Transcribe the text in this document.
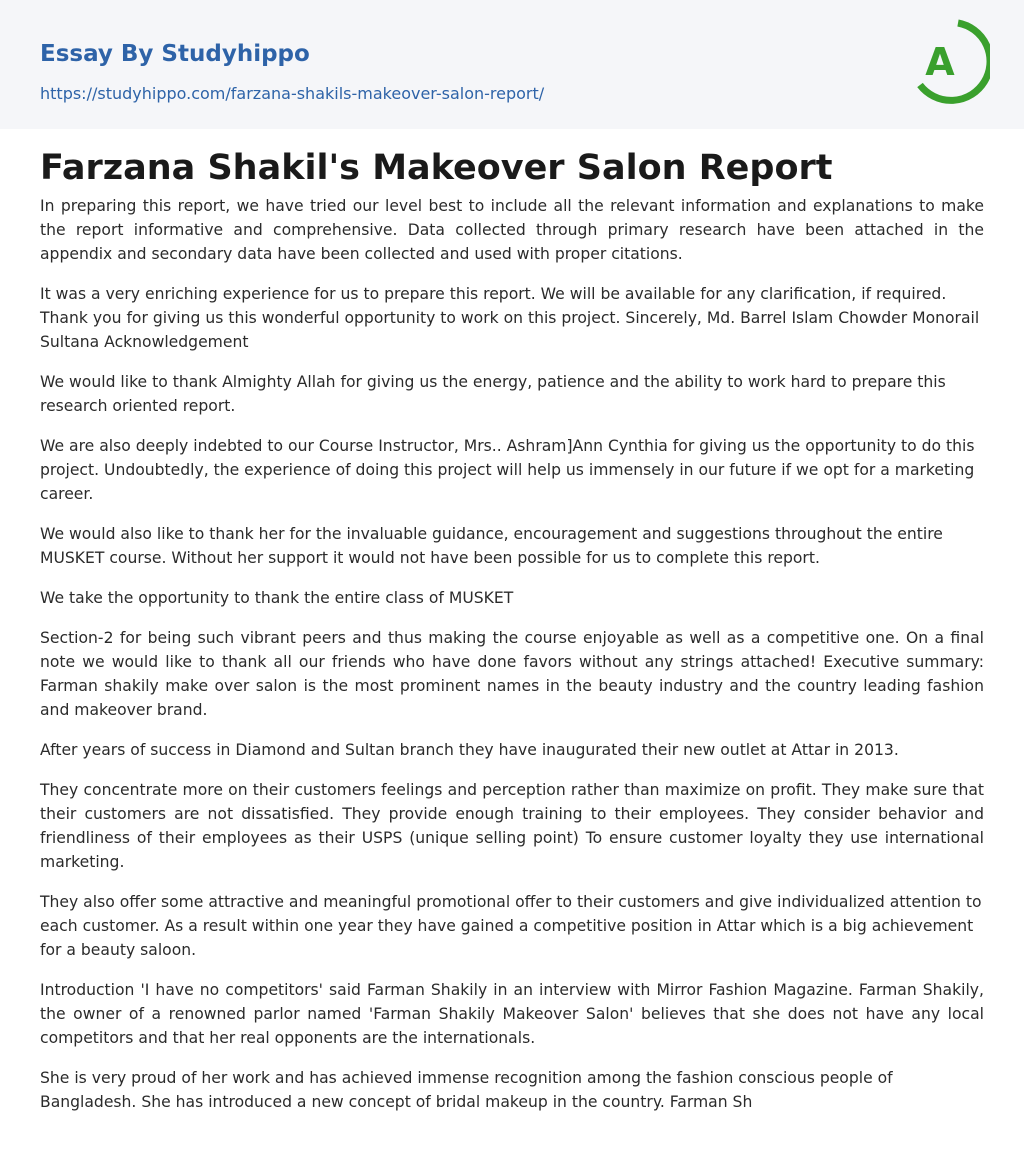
Essay By Studyhippo
https://studyhippo.com/farzana-shakils-makeover-salon-report/
A
Farzana Shakil's Makeover Salon Report

In preparing this report, we have tried our level best to include all the relevant information and explanations to make the report informative and comprehensive. Data collected through primary research have been attached in the appendix and secondary data have been collected and used with proper citations.

It was a very enriching experience for us to prepare this report. We will be available for any clarification, if required. Thank you for giving us this wonderful opportunity to work on this project. Sincerely, Md. Barrel Islam Chowder Monorail Sultana Acknowledgement

We would like to thank Almighty Allah for giving us the energy, patience and the ability to work hard to prepare this research oriented report.

We are also deeply indebted to our Course Instructor, Mrs.. Ashram]Ann Cynthia for giving us the opportunity to do this project. Undoubtedly, the experience of doing this project will help us immensely in our future if we opt for a marketing career.

We would also like to thank her for the invaluable guidance, encouragement and suggestions throughout the entire MUSKET course. Without her support it would not have been possible for us to complete this report.

We take the opportunity to thank the entire class of MUSKET

Section-2 for being such vibrant peers and thus making the course enjoyable as well as a competitive one. On a final note we would like to thank all our friends who have done favors without any strings attached! Executive summary: Farman shakily make over salon is the most prominent names in the beauty industry and the country leading fashion and makeover brand.

After years of success in Diamond and Sultan branch they have inaugurated their new outlet at Attar in 2013.

They concentrate more on their customers feelings and perception rather than maximize on profit. They make sure that their customers are not dissatisfied. They provide enough training to their employees. They consider behavior and friendliness of their employees as their USPS (unique selling point) To ensure customer loyalty they use international marketing.

They also offer some attractive and meaningful promotional offer to their customers and give individualized attention to each customer. As a result within one year they have gained a competitive position in Attar which is a big achievement for a beauty saloon.

Introduction 'I have no competitors' said Farman Shakily in an interview with Mirror Fashion Magazine. Farman Shakily, the owner of a renowned parlor named 'Farman Shakily Makeover Salon' believes that she does not have any local competitors and that her real opponents are the internationals.

She is very proud of her work and has achieved immense recognition among the fashion conscious people of Bangladesh. She has introduced a new concept of bridal makeup in the country. Farman Sh
